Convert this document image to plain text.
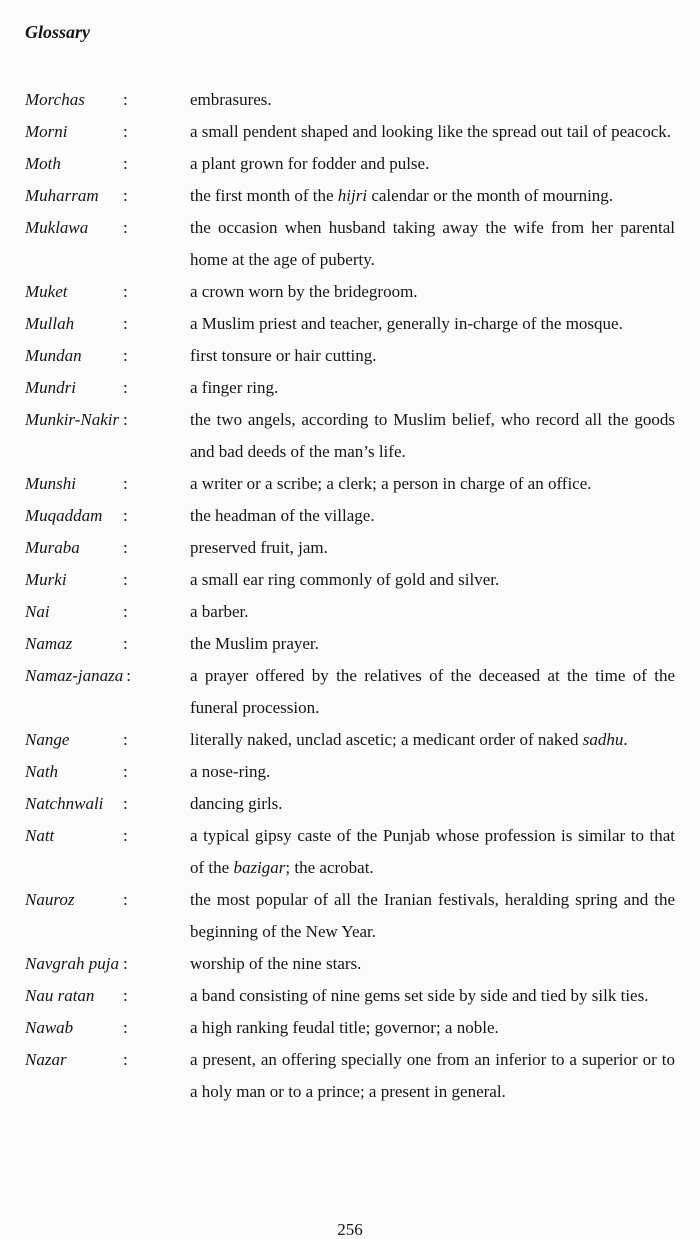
Glossary
Morchas	:	embrasures.
Morni	:	a small pendent shaped and looking like the spread out tail of peacock.
Moth	:	a plant grown for fodder and pulse.
Muharram	:	the first month of the hijri calendar or the month of mourning.
Muklawa	:	the occasion when husband taking away the wife from her parental home at the age of puberty.
Muket	:	a crown worn by the bridegroom.
Mullah	:	a Muslim priest and teacher, generally in-charge of the mosque.
Mundan	:	first tonsure or hair cutting.
Mundri	:	a finger ring.
Munkir-Nakir :	the two angels, according to Muslim belief, who record all the goods and bad deeds of the man’s life.
Munshi	:	a writer or a scribe; a clerk; a person in charge of an office.
Muqaddam	:	the headman of the village.
Muraba	:	preserved fruit, jam.
Murki	:	a small ear ring commonly of gold and silver.
Nai	:	a barber.
Namaz	:	the Muslim prayer.
Namaz-janaza :	a prayer offered by the relatives of the deceased at the time of the funeral procession.
Nange	:	literally naked, unclad ascetic; a medicant order of naked sadhu.
Nath	:	a nose-ring.
Natchnwali	:	dancing girls.
Natt	:	a typical gipsy caste of the Punjab whose profession is similar to that of the bazigar; the acrobat.
Nauroz	:	the most popular of all the Iranian festivals, heralding spring and the beginning of the New Year.
Navgrah puja :	worship of the nine stars.
Nau ratan	:	a band consisting of nine gems set side by side and tied by silk ties.
Nawab	:	a high ranking feudal title; governor; a noble.
Nazar	:	a present, an offering specially one from an inferior to a superior or to a holy man or to a prince; a present in general.
256
